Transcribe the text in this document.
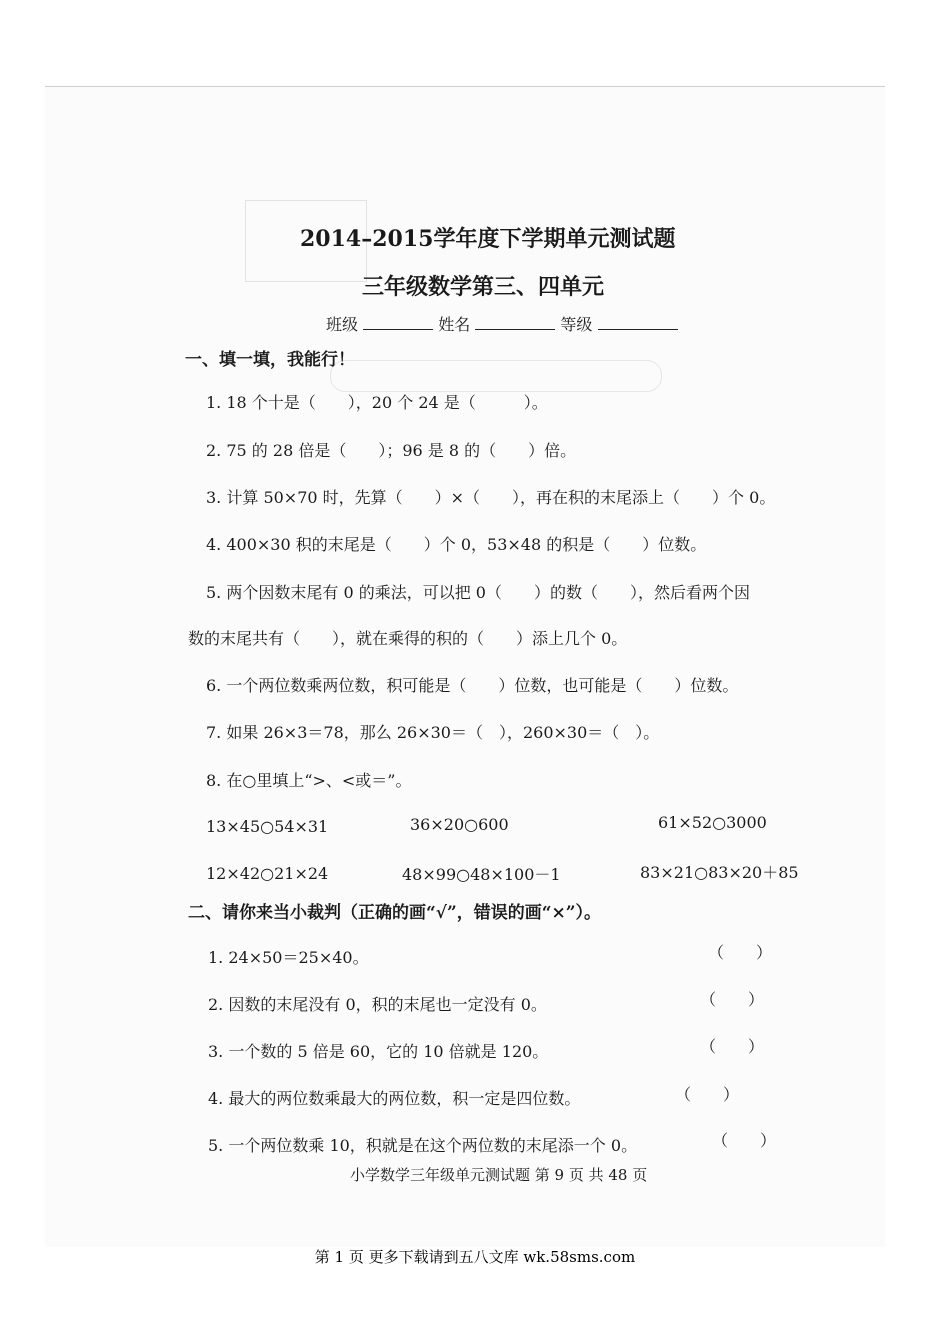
2014–2015学年度下学期单元测试题
三年级数学第三、四单元
班级	姓名	等级
一、填一填，我能行！
1. 18 个十是（　　），20 个 24 是（　　　）。
2. 75 的 28 倍是（　　）；96 是 8 的（　　）倍。
3. 计算 50×70 时，先算（　　）×（　　），再在积的末尾添上（　　）个 0。
4. 400×30 积的末尾是（　　）个 0，53×48 的积是（　　）位数。
5. 两个因数末尾有 0 的乘法，可以把 0（　　）的数（　　），然后看两个因
数的末尾共有（　　），就在乘得的积的（　　）添上几个 0。
6. 一个两位数乘两位数，积可能是（　　）位数，也可能是（　　）位数。
7. 如果 26×3＝78，那么 26×30＝（　），260×30＝（　）。
8. 在○里填上“>、<或＝”。
13×45○54×31	36×20○600	61×52○3000
12×42○21×24	48×99○48×100－1	83×21○83×20＋85
二、请你来当小裁判（正确的画“√”，错误的画“×”）。
1. 24×50＝25×40。	（　　）
2. 因数的末尾没有 0，积的末尾也一定没有 0。	（　　）
3. 一个数的 5 倍是 60，它的 10 倍就是 120。	（　　）
4. 最大的两位数乘最大的两位数，积一定是四位数。	（　　）
5. 一个两位数乘 10，积就是在这个两位数的末尾添一个 0。	（　　）
小学数学三年级单元测试题 第 9 页 共 48 页
第 1 页 更多下载请到五八文库 wk.58sms.com
